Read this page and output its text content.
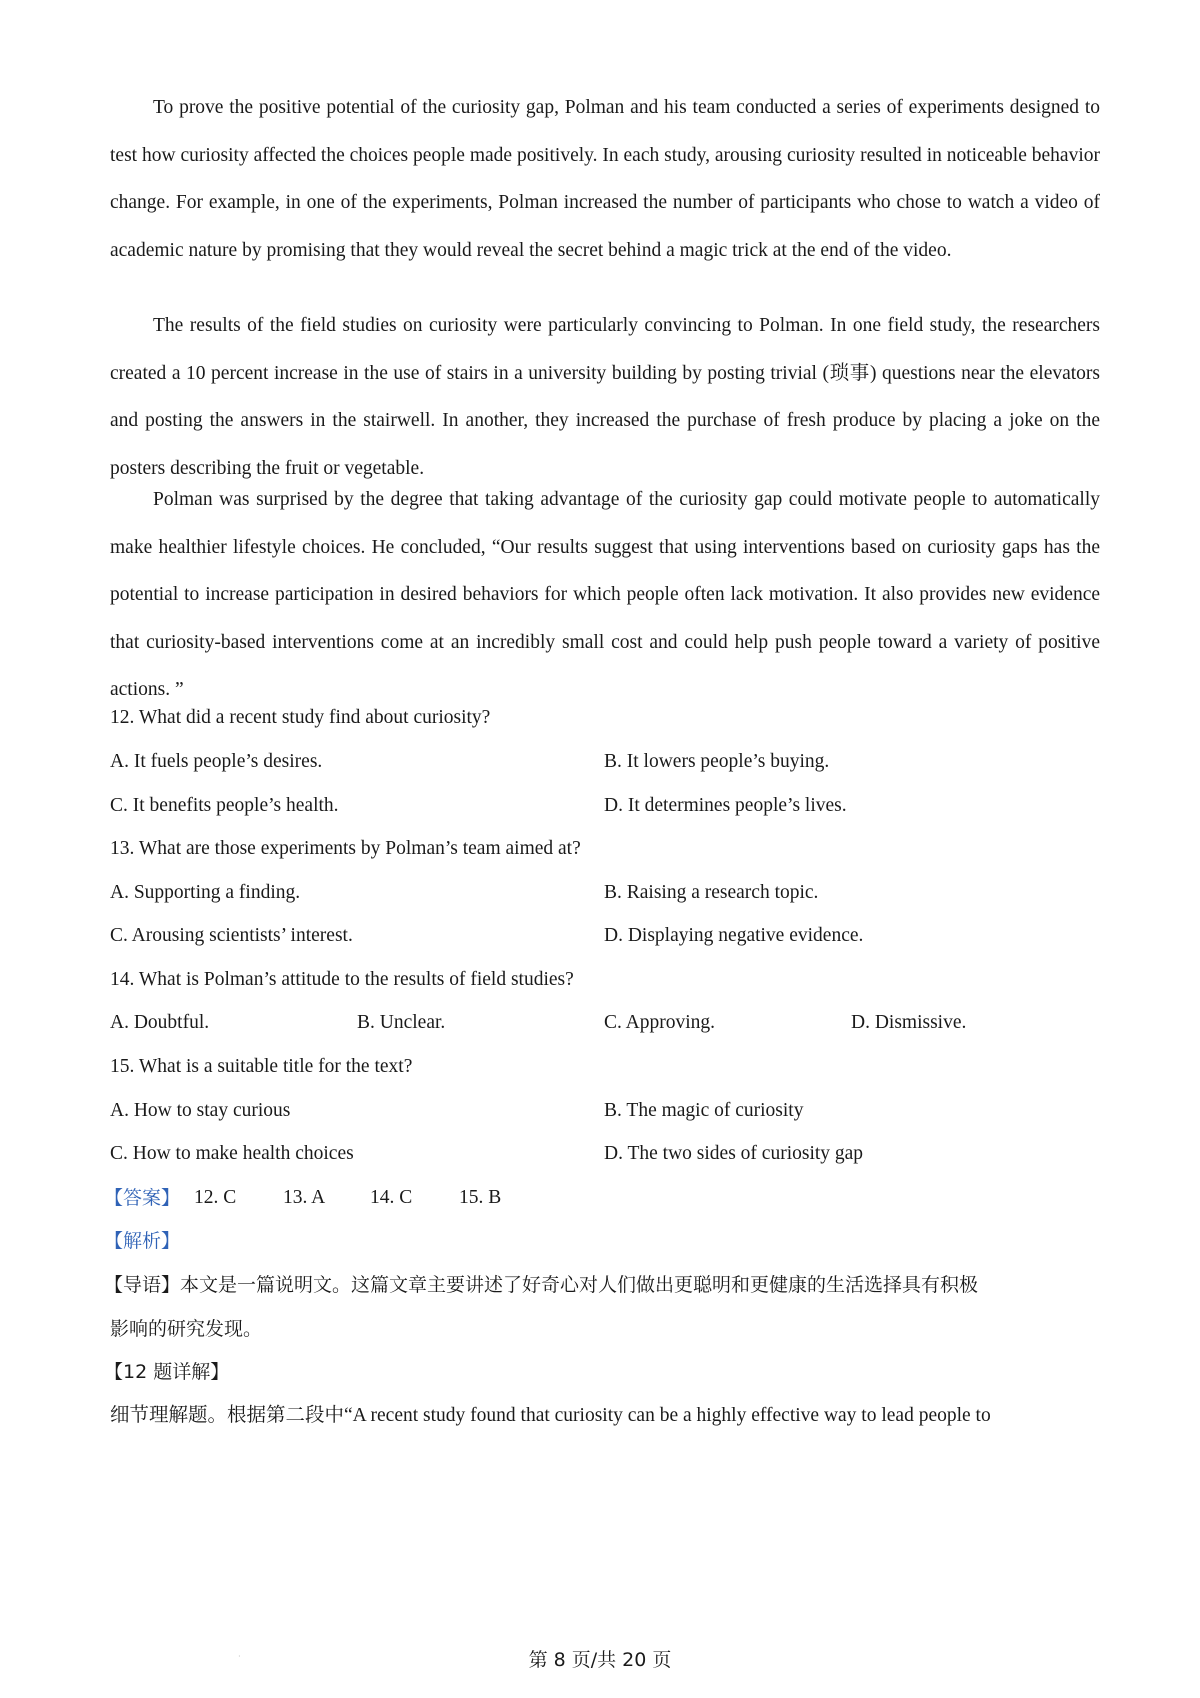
To prove the positive potential of the curiosity gap, Polman and his team conducted a series of experiments designed to test how curiosity affected the choices people made positively. In each study, arousing curiosity resulted in noticeable behavior change. For example, in one of the experiments, Polman increased the number of participants who chose to watch a video of academic nature by promising that they would reveal the secret behind a magic trick at the end of the video.

The results of the field studies on curiosity were particularly convincing to Polman. In one field study, the researchers created a 10 percent increase in the use of stairs in a university building by posting trivial (琐事) questions near the elevators and posting the answers in the stairwell. In another, they increased the purchase of fresh produce by placing a joke on the posters describing the fruit or vegetable.

Polman was surprised by the degree that taking advantage of the curiosity gap could motivate people to automatically make healthier lifestyle choices. He concluded, “Our results suggest that using interventions based on curiosity gaps has the potential to increase participation in desired behaviors for which people often lack motivation. It also provides new evidence that curiosity-based interventions come at an incredibly small cost and could help push people toward a variety of positive actions. ”

12. What did a recent study find about curiosity?
A. It fuels people’s desires.	B. It lowers people’s buying.
C. It benefits people’s health.	D. It determines people’s lives.
13. What are those experiments by Polman’s team aimed at?
A. Supporting a finding.	B. Raising a research topic.
C. Arousing scientists’ interest.	D. Displaying negative evidence.
14. What is Polman’s attitude to the results of field studies?
A. Doubtful.	B. Unclear.	C. Approving.	D. Dismissive.
15. What is a suitable title for the text?
A. How to stay curious	B. The magic of curiosity
C. How to make health choices	D. The two sides of curiosity gap
【答案】 12. C 13. A 14. C 15. B
【解析】
【导语】本文是一篇说明文。这篇文章主要讲述了好奇心对人们做出更聪明和更健康的生活选择具有积极
影响的研究发现。
【12 题详解】
细节理解题。根据第二段中“A recent study found that curiosity can be a highly effective way to lead people to
·	第 8 页/共 20 页
